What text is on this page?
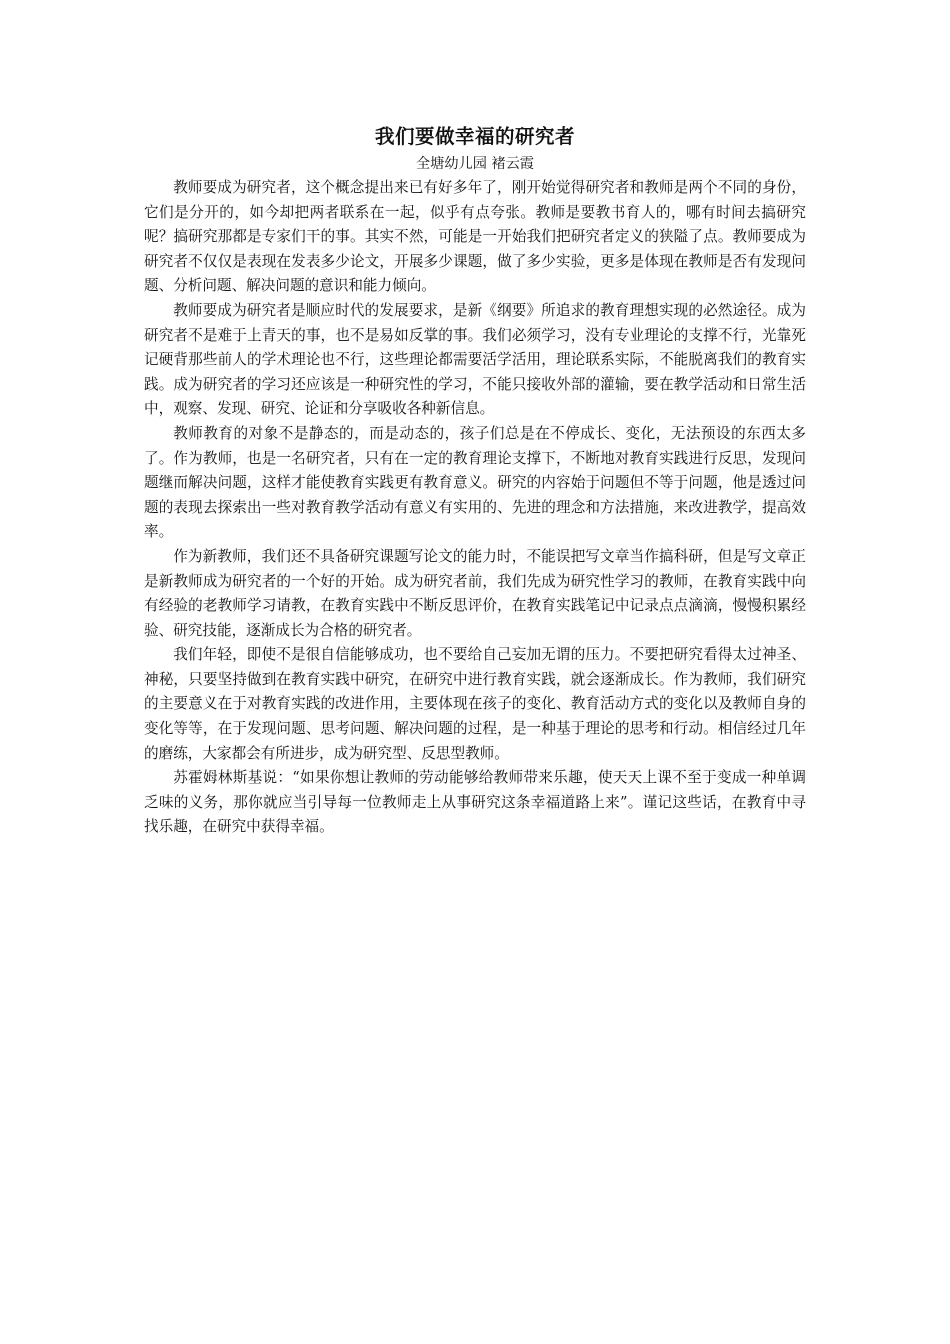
我们要做幸福的研究者

全塘幼儿园 褚云霞

教师要成为研究者，这个概念提出来已有好多年了，刚开始觉得研究者和教师是两个不同的身份，它们是分开的，如今却把两者联系在一起，似乎有点夸张。教师是要教书育人的，哪有时间去搞研究呢？搞研究那都是专家们干的事。其实不然，可能是一开始我们把研究者定义的狭隘了点。教师要成为研究者不仅仅是表现在发表多少论文，开展多少课题，做了多少实验，更多是体现在教师是否有发现问题、分析问题、解决问题的意识和能力倾向。

教师要成为研究者是顺应时代的发展要求，是新《纲要》所追求的教育理想实现的必然途径。成为研究者不是难于上青天的事，也不是易如反掌的事。我们必须学习，没有专业理论的支撑不行，光靠死记硬背那些前人的学术理论也不行，这些理论都需要活学活用，理论联系实际，不能脱离我们的教育实践。成为研究者的学习还应该是一种研究性的学习，不能只接收外部的灌输，要在教学活动和日常生活中，观察、发现、研究、论证和分享吸收各种新信息。

教师教育的对象不是静态的，而是动态的，孩子们总是在不停成长、变化，无法预设的东西太多了。作为教师，也是一名研究者，只有在一定的教育理论支撑下，不断地对教育实践进行反思，发现问题继而解决问题，这样才能使教育实践更有教育意义。研究的内容始于问题但不等于问题，他是透过问题的表现去探索出一些对教育教学活动有意义有实用的、先进的理念和方法措施，来改进教学，提高效率。

作为新教师，我们还不具备研究课题写论文的能力时，不能误把写文章当作搞科研，但是写文章正是新教师成为研究者的一个好的开始。成为研究者前，我们先成为研究性学习的教师，在教育实践中向有经验的老教师学习请教，在教育实践中不断反思评价，在教育实践笔记中记录点点滴滴，慢慢积累经验、研究技能，逐渐成长为合格的研究者。

我们年轻，即使不是很自信能够成功，也不要给自己妄加无谓的压力。不要把研究看得太过神圣、神秘，只要坚持做到在教育实践中研究，在研究中进行教育实践，就会逐渐成长。作为教师，我们研究的主要意义在于对教育实践的改进作用，主要体现在孩子的变化、教育活动方式的变化以及教师自身的变化等等，在于发现问题、思考问题、解决问题的过程，是一种基于理论的思考和行动。相信经过几年的磨练，大家都会有所进步，成为研究型、反思型教师。

苏霍姆林斯基说：“如果你想让教师的劳动能够给教师带来乐趣，使天天上课不至于变成一种单调乏味的义务，那你就应当引导每一位教师走上从事研究这条幸福道路上来”。谨记这些话，在教育中寻找乐趣，在研究中获得幸福。
